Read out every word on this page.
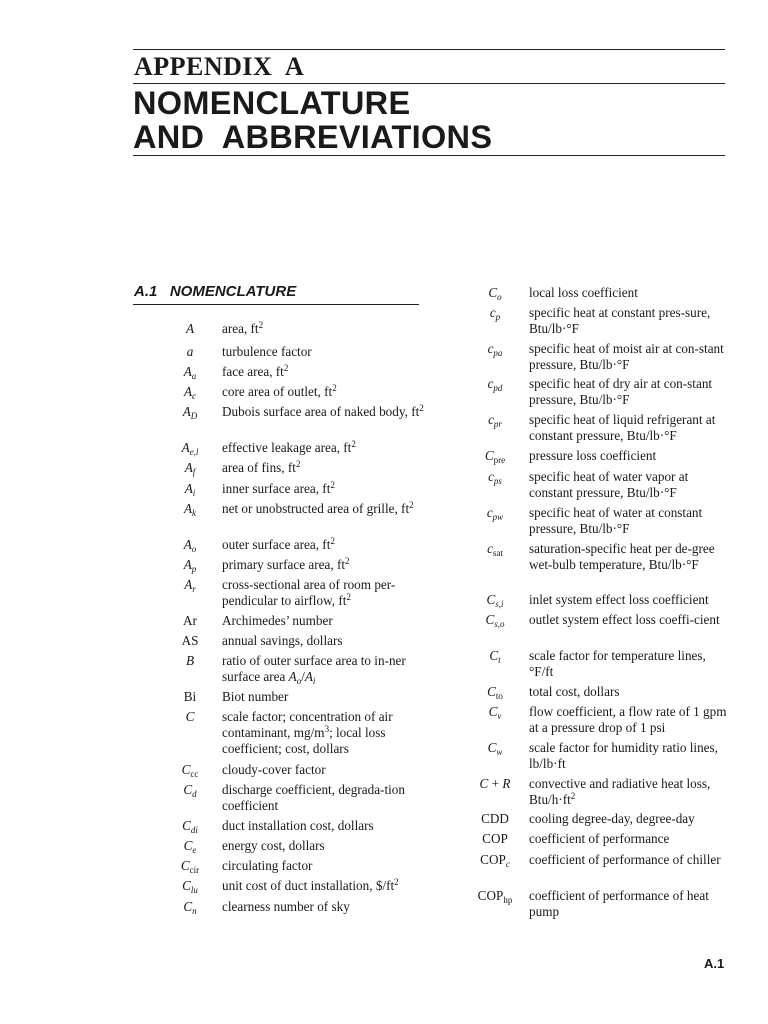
APPENDIX  A
NOMENCLATURE
AND  ABBREVIATIONS
A.1   NOMENCLATURE
A	area, $ft^2$
a	turbulence factor
$A_a$	face area, $ft^2$
$A_c$	core area of outlet, $ft^2$
$A_D$	Dubois surface area of naked body, $ft^2$
$A_{e,l}$	effective leakage area, $ft^2$
$A_f$	area of fins, $ft^2$
$A_i$	inner surface area, $ft^2$
$A_k$	net or unobstructed area of grille, $ft^2$
$A_o$	outer surface area, $ft^2$
$A_p$	primary surface area, $ft^2$
$A_r$	cross-sectional area of room per-pendicular to airflow, $ft^2$
Ar	Archimedes’ number
AS	annual savings, dollars
B	ratio of outer surface area to in-ner surface area $A_o/A_i$
Bi	Biot number
C	scale factor; concentration of air contaminant, $mg/m^3$; local loss coefficient; cost, dollars
$C_{cc}$	cloudy-cover factor
$C_d$	discharge coefficient, degrada-tion coefficient
$C_{di}$	duct installation cost, dollars
$C_e$	energy cost, dollars
$C_{cir}$	circulating factor
$C_{lu}$	unit cost of duct installation, $\$/ft^2$
$C_n$	clearness number of sky
$C_o$	local loss coefficient
$c_p$	specific heat at constant pres-sure, Btu/lb·°F
$c_{pa}$	specific heat of moist air at con-stant pressure, Btu/lb·°F
$c_{pd}$	specific heat of dry air at con-stant pressure, Btu/lb·°F
$c_{pr}$	specific heat of liquid refrigerant at constant pressure, Btu/lb·°F
$C_{pre}$	pressure loss coefficient
$c_{ps}$	specific heat of water vapor at constant pressure, Btu/lb·°F
$c_{pw}$	specific heat of water at constant pressure, Btu/lb·°F
$c_{sat}$	saturation-specific heat per de-gree wet-bulb temperature, Btu/lb·°F
$C_{s,i}$	inlet system effect loss coefficient
$C_{s,o}$	outlet system effect loss coeffi-cient
$C_t$	scale factor for temperature lines, °F/ft
$C_{to}$	total cost, dollars
$C_v$	flow coefficient, a flow rate of 1 gpm at a pressure drop of 1 psi
$C_w$	scale factor for humidity ratio lines, lb/lb·ft
C + R	convective and radiative heat loss, Btu/$h\cdot ft^2$
CDD	cooling degree-day, degree-day
COP	coefficient of performance
$COP_c$	coefficient of performance of chiller
$COP_{hp}$	coefficient of performance of heat pump
A.1
